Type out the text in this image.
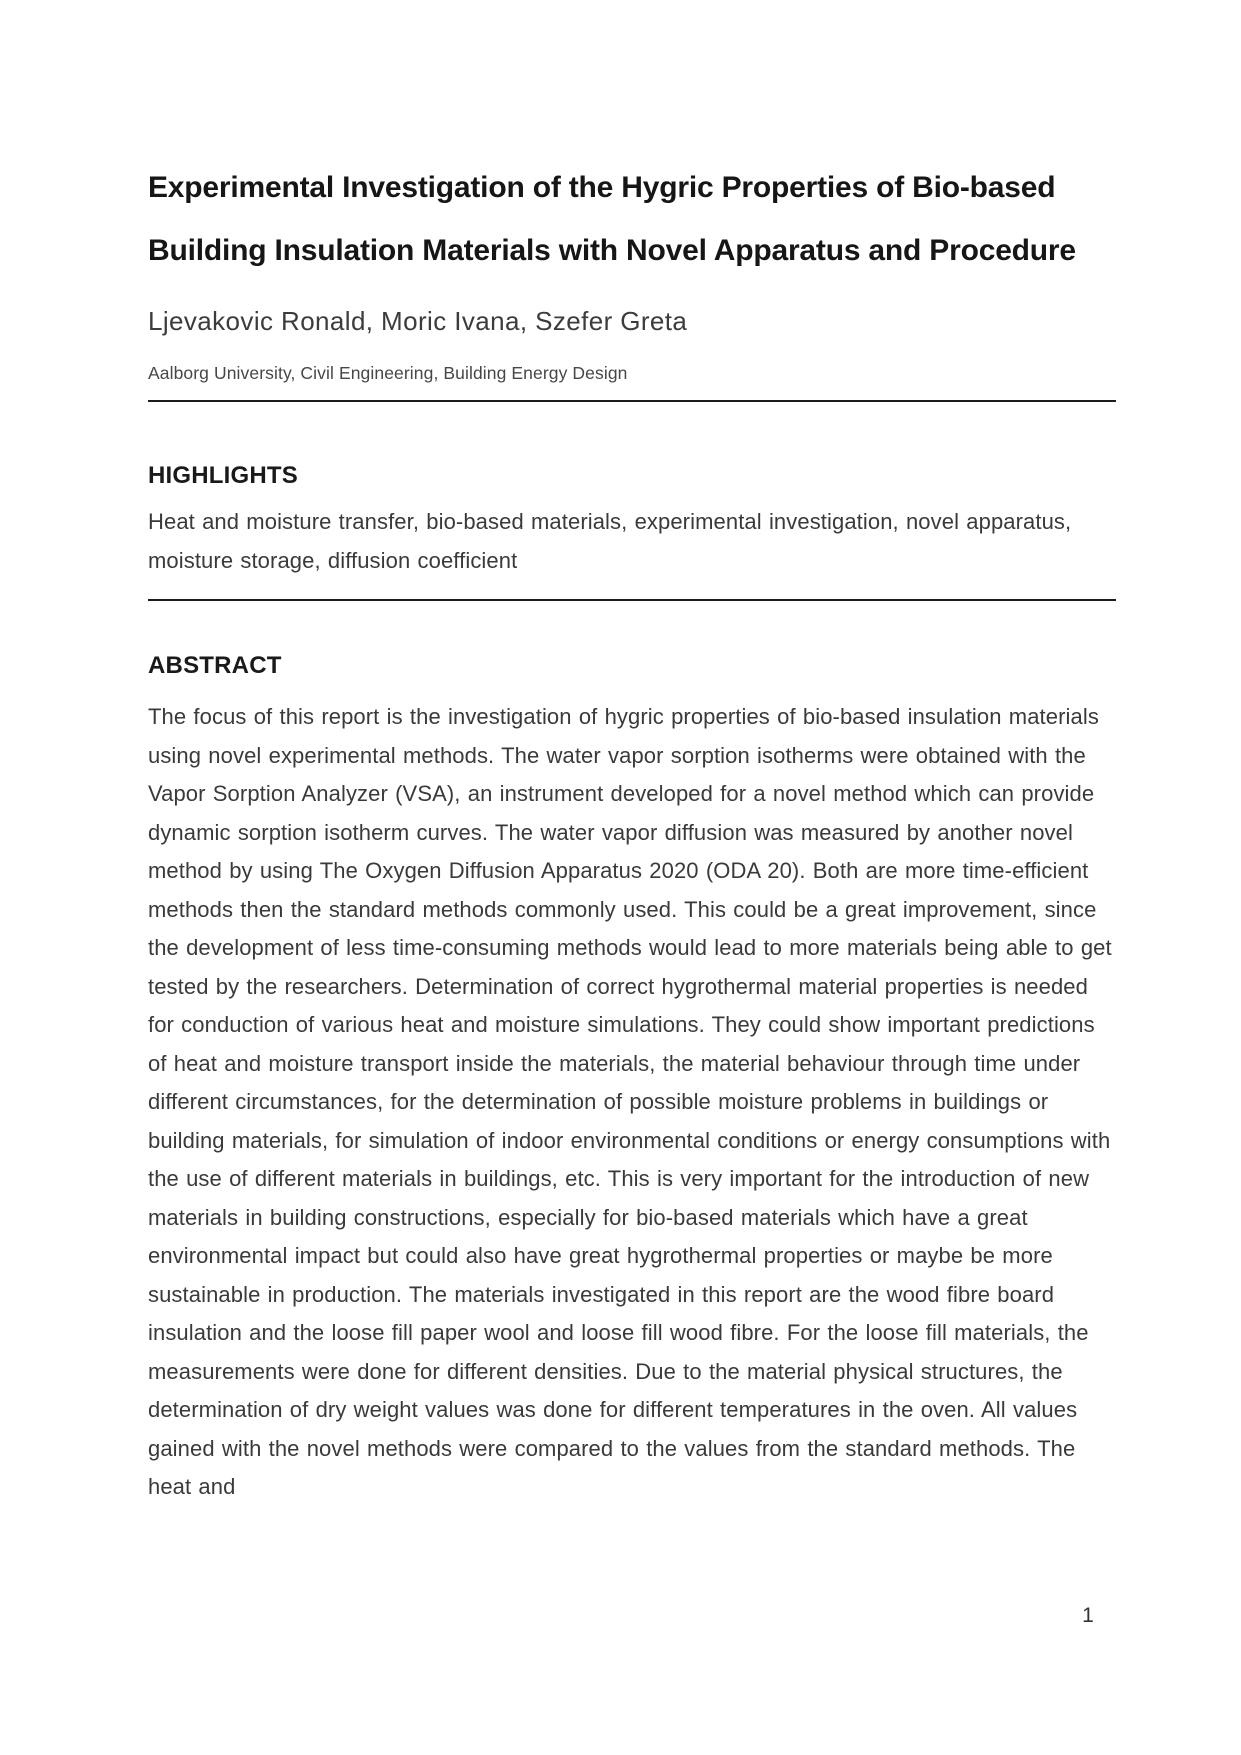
Experimental Investigation of the Hygric Properties of Bio-based Building Insulation Materials with Novel Apparatus and Procedure
Ljevakovic Ronald, Moric Ivana, Szefer Greta
Aalborg University, Civil Engineering, Building Energy Design
HIGHLIGHTS
Heat and moisture transfer, bio-based materials, experimental investigation, novel apparatus, moisture storage, diffusion coefficient
ABSTRACT
The focus of this report is the investigation of hygric properties of bio-based insulation materials using novel experimental methods. The water vapor sorption isotherms were obtained with the Vapor Sorption Analyzer (VSA), an instrument developed for a novel method which can provide dynamic sorption isotherm curves. The water vapor diffusion was measured by another novel method by using The Oxygen Diffusion Apparatus 2020 (ODA 20). Both are more time-efficient methods then the standard methods commonly used. This could be a great improvement, since the development of less time-consuming methods would lead to more materials being able to get tested by the researchers. Determination of correct hygrothermal material properties is needed for conduction of various heat and moisture simulations. They could show important predictions of heat and moisture transport inside the materials, the material behaviour through time under different circumstances, for the determination of possible moisture problems in buildings or building materials, for simulation of indoor environmental conditions or energy consumptions with the use of different materials in buildings, etc. This is very important for the introduction of new materials in building constructions, especially for bio-based materials which have a great environmental impact but could also have great hygrothermal properties or maybe be more sustainable in production. The materials investigated in this report are the wood fibre board insulation and the loose fill paper wool and loose fill wood fibre. For the loose fill materials, the measurements were done for different densities. Due to the material physical structures, the determination of dry weight values was done for different temperatures in the oven. All values gained with the novel methods were compared to the values from the standard methods. The heat and
1
